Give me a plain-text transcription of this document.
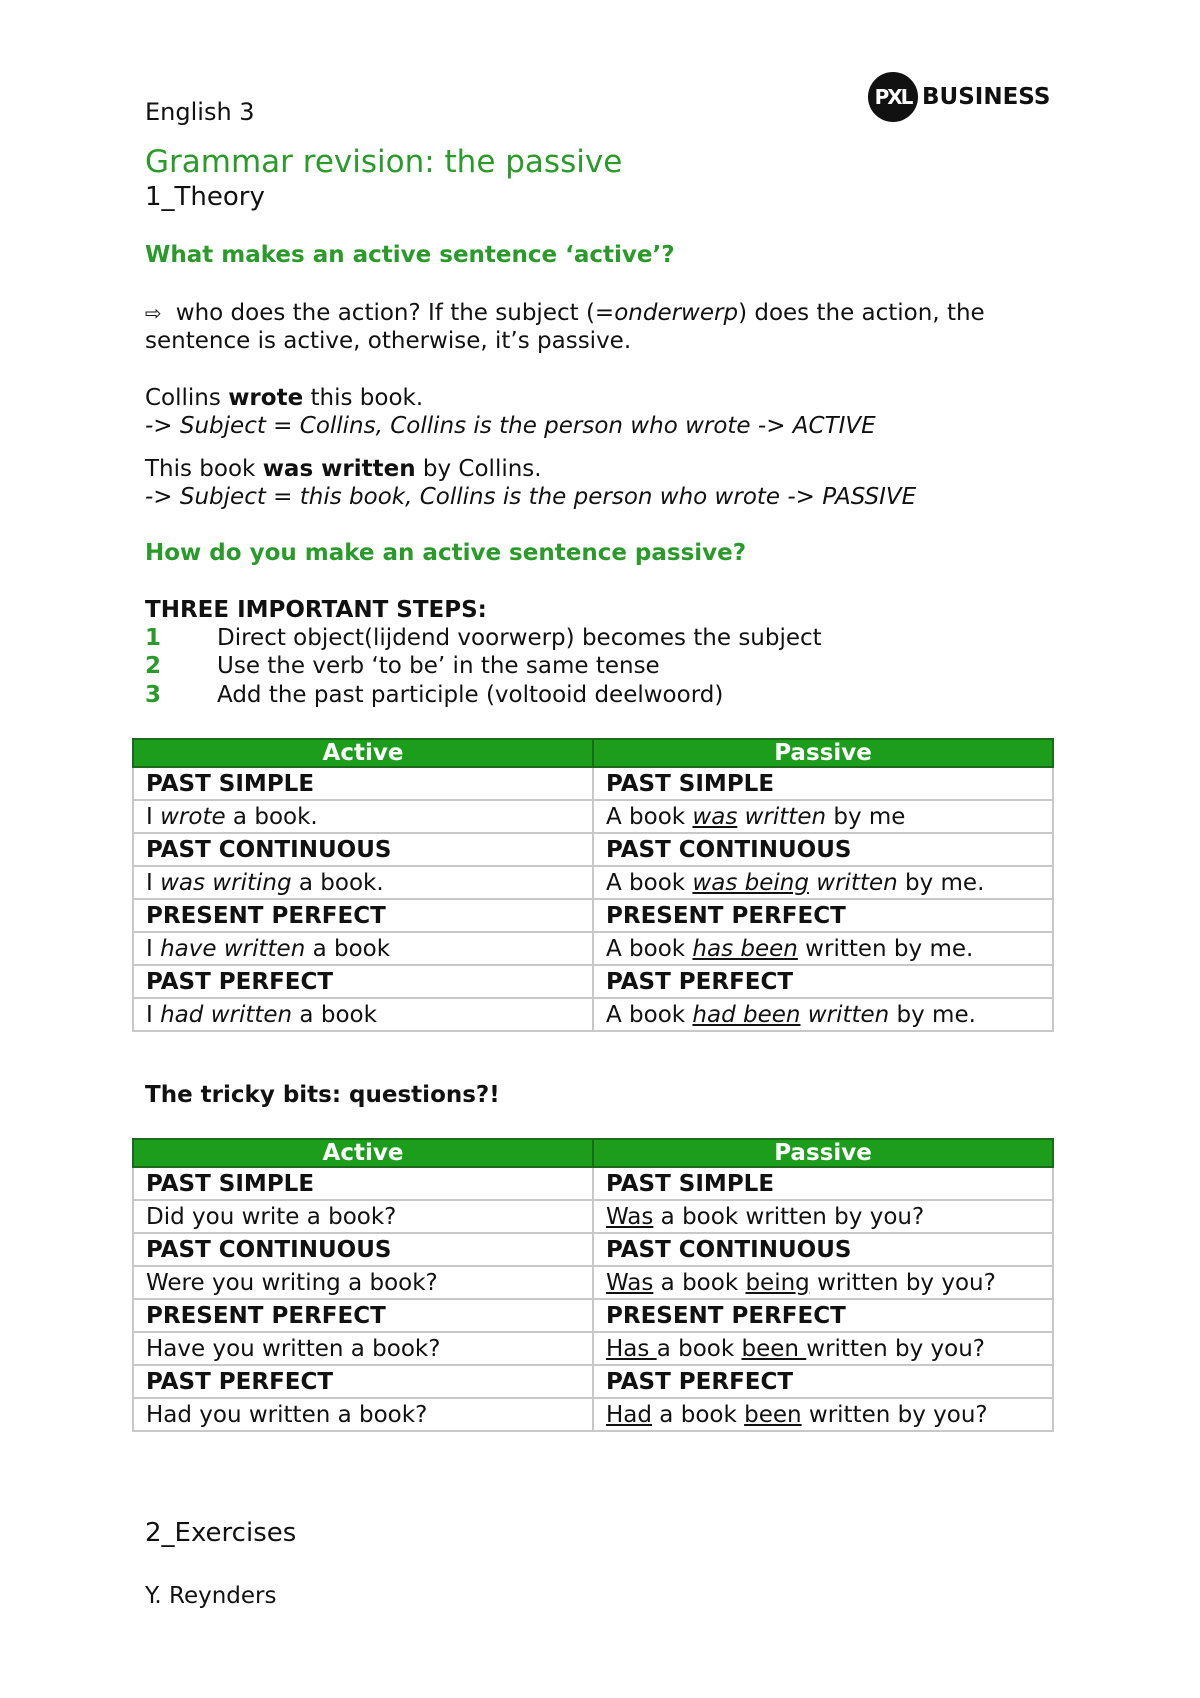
English 3
PXL BUSINESS
Grammar revision: the passive
1_Theory
What makes an active sentence ‘active’?
⇨ who does the action? If the subject (=onderwerp) does the action, the sentence is active, otherwise, it’s passive.
Collins wrote this book.
-> Subject = Collins, Collins is the person who wrote -> ACTIVE
This book was written by Collins.
-> Subject = this book, Collins is the person who wrote -> PASSIVE
How do you make an active sentence passive?
THREE IMPORTANT STEPS:
1	Direct object(lijdend voorwerp) becomes the subject
2	Use the verb ‘to be’ in the same tense
3	Add the past participle (voltooid deelwoord)
Active	Passive
PAST SIMPLE	PAST SIMPLE
I wrote a book.	A book was written by me
PAST CONTINUOUS	PAST CONTINUOUS
I was writing a book.	A book was being written by me.
PRESENT PERFECT	PRESENT PERFECT
I have written a book	A book has been written by me.
PAST PERFECT	PAST PERFECT
I had written a book	A book had been written by me.
The tricky bits: questions?!
Active	Passive
PAST SIMPLE	PAST SIMPLE
Did you write a book?	Was a book written by you?
PAST CONTINUOUS	PAST CONTINUOUS
Were you writing a book?	Was a book being written by you?
PRESENT PERFECT	PRESENT PERFECT
Have you written a book?	Has a book been written by you?
PAST PERFECT	PAST PERFECT
Had you written a book?	Had a book been written by you?
2_Exercises
Y. Reynders
